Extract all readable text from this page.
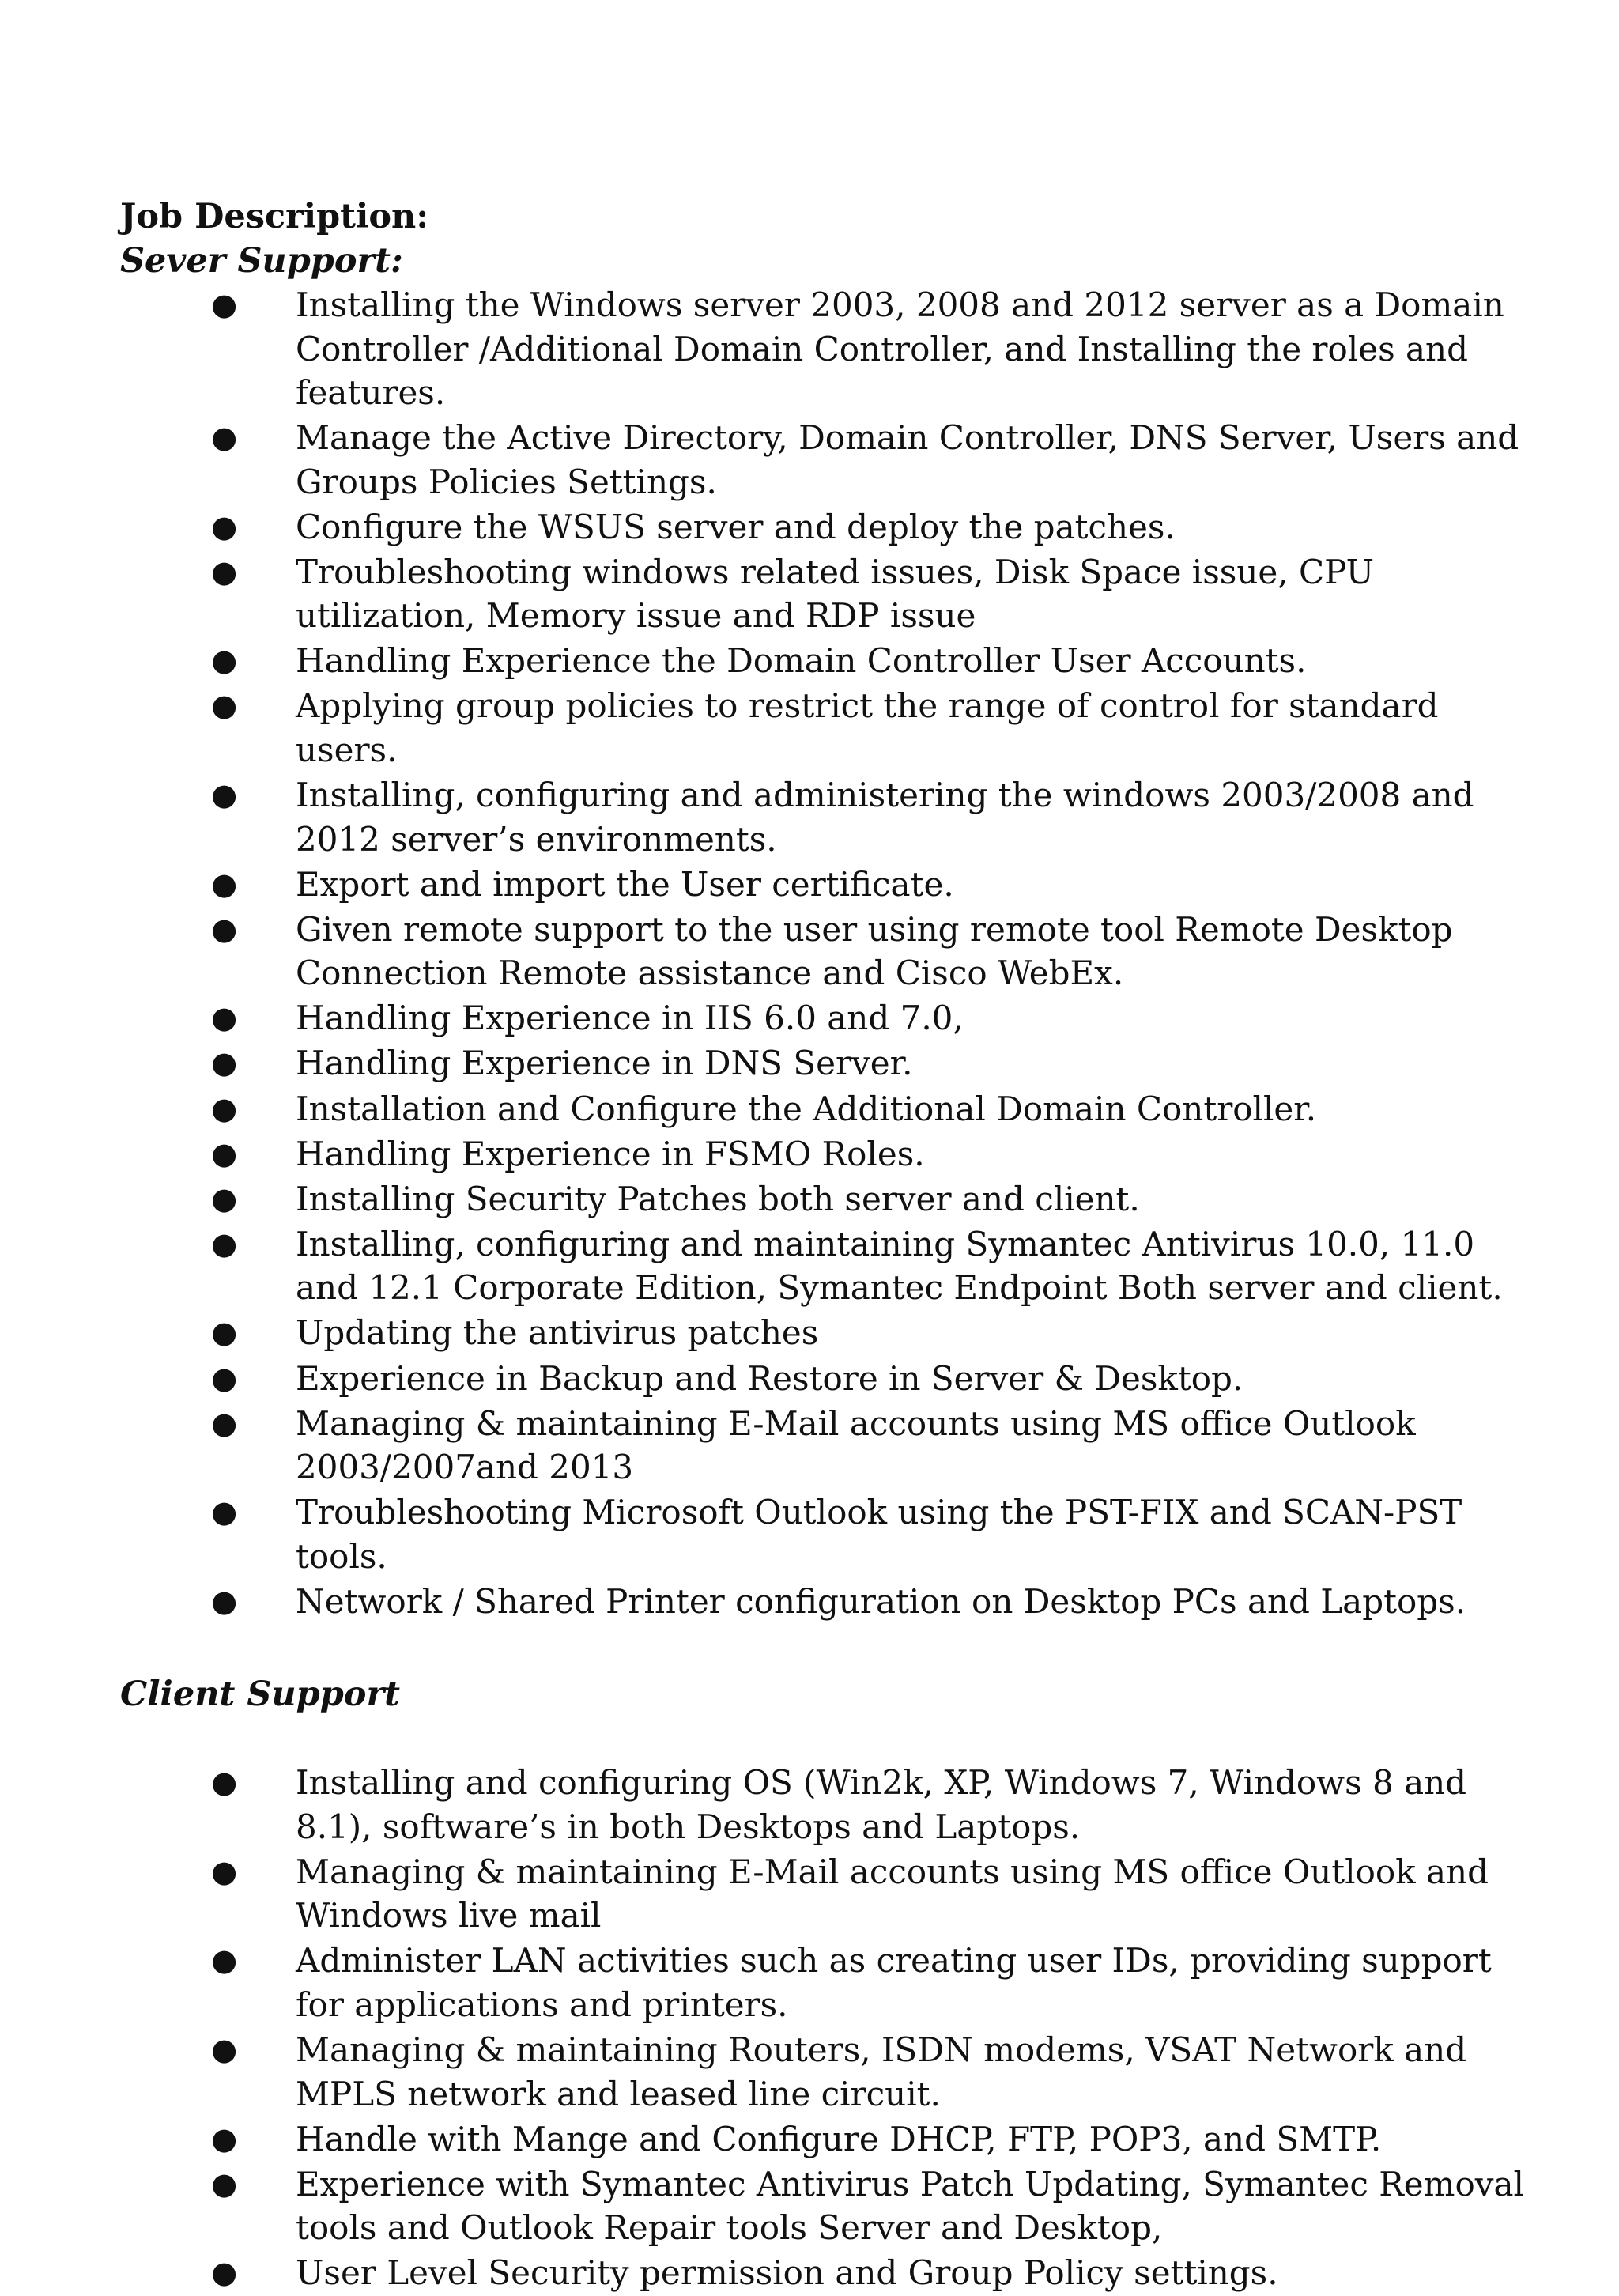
Job Description:
Sever Support:
● Installing the Windows server 2003, 2008 and 2012 server as a Domain Controller /Additional Domain Controller, and Installing the roles and features.
● Manage the Active Directory, Domain Controller, DNS Server, Users and Groups Policies Settings.
● Configure the WSUS server and deploy the patches.
● Troubleshooting windows related issues, Disk Space issue, CPU utilization, Memory issue and RDP issue
● Handling Experience the Domain Controller User Accounts.
● Applying group policies to restrict the range of control for standard users.
● Installing, configuring and administering the windows 2003/2008 and 2012 server’s environments.
● Export and import the User certificate.
● Given remote support to the user using remote tool Remote Desktop Connection Remote assistance and Cisco WebEx.
● Handling Experience in IIS 6.0 and 7.0,
● Handling Experience in DNS Server.
● Installation and Configure the Additional Domain Controller.
● Handling Experience in FSMO Roles.
● Installing Security Patches both server and client.
● Installing, configuring and maintaining Symantec Antivirus 10.0, 11.0 and 12.1 Corporate Edition, Symantec Endpoint Both server and client.
● Updating the antivirus patches
● Experience in Backup and Restore in Server & Desktop.
● Managing & maintaining E-Mail accounts using MS office Outlook 2003/2007and 2013
● Troubleshooting Microsoft Outlook using the PST-FIX and SCAN-PST tools.
● Network / Shared Printer configuration on Desktop PCs and Laptops.
Client Support
● Installing and configuring OS (Win2k, XP, Windows 7, Windows 8 and 8.1), software’s in both Desktops and Laptops.
● Managing & maintaining E-Mail accounts using MS office Outlook and Windows live mail
● Administer LAN activities such as creating user IDs, providing support for applications and printers.
● Managing & maintaining Routers, ISDN modems, VSAT Network and MPLS network and leased line circuit.
● Handle with Mange and Configure DHCP, FTP, POP3, and SMTP.
● Experience with Symantec Antivirus Patch Updating, Symantec Removal tools and Outlook Repair tools Server and Desktop,
● User Level Security permission and Group Policy settings.
